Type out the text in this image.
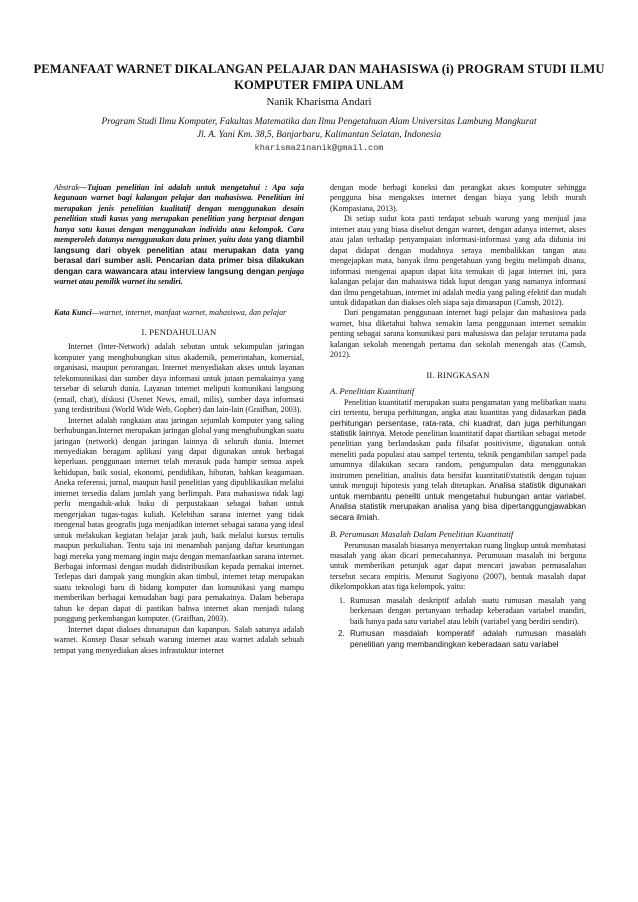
PEMANFAAT WARNET DIKALANGAN PELAJAR DAN MAHASISWA (i) PROGRAM STUDI ILMU KOMPUTER FMIPA UNLAM
Nanik Kharisma Andari
Program Studi Ilmu Komputer, Fakultas Matematika dan Ilmu Pengetahuan Alam Universitas Lambung Mangkurat
Jl. A. Yani Km. 38,5, Banjarbaru, Kalimantan Selatan, Indonesia
kharisma21nanik@gmail.com

Abstrak—Tujuan penelitian ini adalah untuk mengetahui : Apa saja kegunaan warnet bagi kalangan pelajar dan mahasiswa. Penelitian ini merupakan jenis penelitian kualitatif dengan menggunakan desain penelitian studi kasus yang merupakan penelitian yang berpusat dengan hanya satu kasus dengan menggunakan individu atau kelompok. Cara memperoleh datanya menggunakan data primer, yaitu data yang diambil langsung dari obyek penelitian atau merupakan data yang berasal dari sumber asli. Pencarian data primer bisa dilakukan dengan cara wawancara atau interview langsung dengan penjaga warnet atau pemilik warnet itu sendiri.

Kata Kunci—warnet, internet, manfaat warnet, mahasiswa, dan pelajar

I. PENDAHULUAN

Internet (Inter-Network) adalah sebutan untuk sekumpulan jaringan komputer yang menghubungkan situs akademik, pemerintahan, komersial, organisasi, maupun perorangan. Internet menyediakan akses untuk layanan telekomunnikasi dan sumber daya informasi untuk jutaan pemakainya yang tersebar di seluruh dunia. Layanan internet meliputi komunikasi langsung (email, chat), diskusi (Usenet News, email, milis), sumber daya informasi yang terdistribusi (World Wide Web, Gopher) dan lain-lain (Graifhan, 2003).

Internet adalah rangkaian atau jaringan sejumlah komputer yang saling berhubungan.Internet merupakan jaringan global yang menghubungkan suatu jaringan (network) dengan jaringan lainnya di seluruh dunia. Internet menyediakan beragam aplikasi yang dapat digunakan untuk berbagai keperluan. penggunaan internet telah merasuk pada hampir semua aspek kehidupan, baik sosial, ekonomi, pendidikan, hiburan, bahkan keagamaan. Aneka referensi, jurnal, maupun hasil penelitian yang dipublikasikan melalui internet tersedia dalam jumlah yang berlimpah. Para mahasiswa tidak lagi perlu mengaduk-aduk buku di perpustakaan sebagai bahan untuk mengerjakan tugas-tugas kuliah. Kelebihan sarana internet yang tidak mengenal batas geografis juga menjadikan internet sebagai sarana yang ideal untuk melakukan kegiatan belajar jarak jauh, baik melalui kursus tertulis maupun perkuliahan. Tentu saja ini menambah panjang daftar keuntungan bagi mereka yang memang ingin maju dengan memanfaatkan sarana internet. Berbagai informasi dengan mudah didistribusikan kepada pemakai internet. Terlepas dari dampak yang mungkin akan timbul, internet tetap merupakan suatu teknologi baru di bidang komputer dan komunikasi yang mampu memberikan berbagai kemudahan bagi para pemakainya. Dalam beberapa tahun ke depan dapat di pastikan bahwa internet akan menjadi tulang punggung perkembangan komputer. (Graifhan, 2003).

Internet dapat diakses dimanapun dan kapanpun. Salah satunya adalah warnet. Konsep Dasar sebuah warung internet atau warnet adalah sebuah tempat yang menyediakan akses infrastuktur internet

dengan mode berbagi koneksi dan perangkat akses komputer sehingga pengguna bisa mengakses internet dengan biaya yang lebih murah (Kompasiana, 2013).

Di setiap sudut kota pasti terdapat sebuah warung yang menjual jasa internet atau yang biasa disebut dengan warnet, dengan adanya internet, akses atau jalan terhadap penyampaian informasi-informasi yang ada didunia ini dapat didapat dengan mudahnya seraya membalikkan tangan atau mengejapkan mata, banyak ilmu pengetahuan yang begitu melimpah disana, informasi mengenai apapun dapat kita temukan di jagat internet ini, para kalangan pelajar dan mahasiswa tidak luput dengan yang namanya informasi dan ilmu pengetahuan, internet ini adalah media yang paling efektif dan mudah untuk didapatkan dan diakses oleh siapa saja dimanapun (Camsh, 2012).

Dari pengamatan penggunaan internet bagi pelajar dan mahasiswa pada warnet, bisa diketahui bahwa semakin lama penggunaan internet semakin penting sebagai sarana komunikasi para mahasiswa dan pelajar terutama pada kalangan sekolah menengah pertama dan sekolah menengah atas (Camsh, 2012).

II. RINGKASAN

A. Penelitian Kuantitatif

Penelitian kuantitatif merupakan suatu pengamatan yang melibatkan suatu ciri tertentu, berupa perhitungan, angka atau kuantitas yang didasarkan pada perhitungan persentase, rata-rata, chi kuadrat, dan juga perhitungan statistik lainnya. Metode penelitian kuantitatif dapat diartikan sebagai metode penelitian yang berlandaskan pada filsafat positivisme, digunakan untuk meneliti pada populasi atau sampel tertentu, teknik pengambilan sampel pada umumnya dilakukan secara random, pengumpulan data menggunakan instrumen penelitian, analisis data bersifat kuantitatif/statistik dengan tujuan untuk menguji hipotesis yang telah ditetapkan. Analisa statistik digunakan untuk membantu peneliti untuk mengetahui hubungan antar variabel. Analisa statistik merupakan analisa yang bisa dipertanggungjawabkan secara ilmiah.

B. Perumusan Masalah Dalam Penelitian Kuantitatif

Perumusan masalah biasanya menyertakan ruang lingkup untuk membatasi masalah yang akan dicari pemecahannya. Perumusan masalah ini berguna untuk memberikan petunjuk agar dapat mencari jawaban permasalahan tersebut secara empiris. Menurut Sugiyono (2007), bentuk masalah dapat dikelompokkan atas tiga kelompok, yaitu:

1. Rumusan masalah deskriptif adalah suatu rumusan masalah yang berkenaan dengan pertanyaan terhadap keberadaan variabel mandiri, baik hanya pada satu variabel atau lebih (variabel yang berdiri sendiri).
2. Rumusan masdalah komperatif adalah rumusan masalah penelitian yang membandingkan keberadaan satu variabel
